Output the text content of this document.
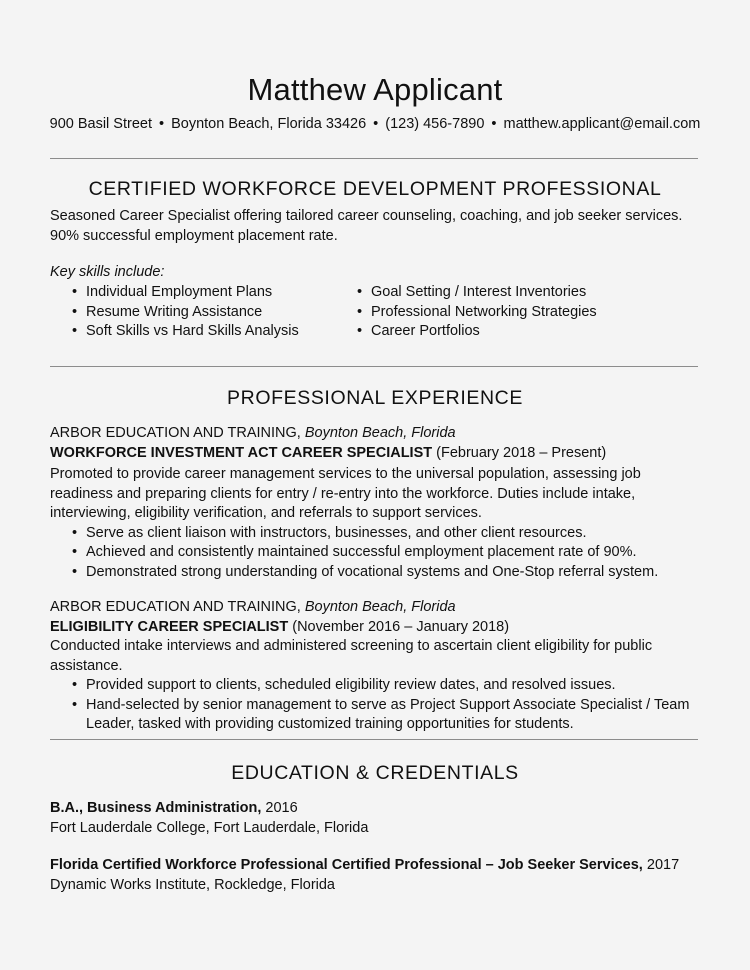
Matthew Applicant
900 Basil Street • Boynton Beach, Florida 33426 • (123) 456-7890 • matthew.applicant@email.com
CERTIFIED WORKFORCE DEVELOPMENT PROFESSIONAL

Seasoned Career Specialist offering tailored career counseling, coaching, and job seeker services. 90% successful employment placement rate.

Key skills include:
• Individual Employment Plans
• Resume Writing Assistance
• Soft Skills vs Hard Skills Analysis
• Goal Setting / Interest Inventories
• Professional Networking Strategies
• Career Portfolios
PROFESSIONAL EXPERIENCE

ARBOR EDUCATION AND TRAINING, Boynton Beach, Florida

WORKFORCE INVESTMENT ACT CAREER SPECIALIST (February 2018 – Present)

Promoted to provide career management services to the universal population, assessing job readiness and preparing clients for entry / re-entry into the workforce. Duties include intake, interviewing, eligibility verification, and referrals to support services.

• Serve as client liaison with instructors, businesses, and other client resources.
• Achieved and consistently maintained successful employment placement rate of 90%.
• Demonstrated strong understanding of vocational systems and One-Stop referral system.

ARBOR EDUCATION AND TRAINING, Boynton Beach, Florida

ELIGIBILITY CAREER SPECIALIST (November 2016 – January 2018)

Conducted intake interviews and administered screening to ascertain client eligibility for public assistance.

• Provided support to clients, scheduled eligibility review dates, and resolved issues.
• Hand-selected by senior management to serve as Project Support Associate Specialist / Team Leader, tasked with providing customized training opportunities for students.
EDUCATION & CREDENTIALS

B.A., Business Administration, 2016

Fort Lauderdale College, Fort Lauderdale, Florida

Florida Certified Workforce Professional Certified Professional – Job Seeker Services, 2017

Dynamic Works Institute, Rockledge, Florida
